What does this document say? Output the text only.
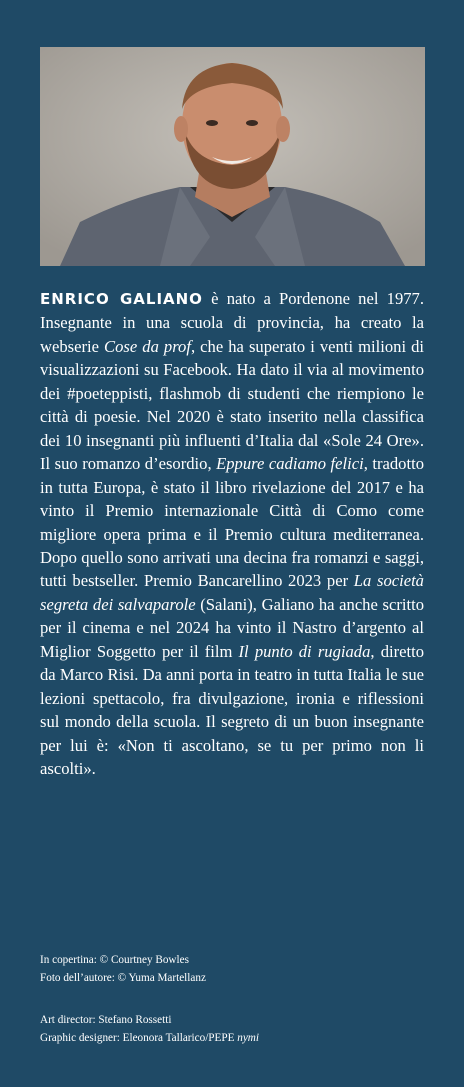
ENRICO GALIANO è nato a Pordenone nel 1977. Insegnante in una scuola di provincia, ha creato la webserie Cose da prof, che ha superato i venti milioni di visualizzazioni su Facebook. Ha dato il via al movimento dei #poeteppisti, flashmob di studenti che riempiono le città di poesie. Nel 2020 è stato inserito nella classifica dei 10 insegnanti più influenti d’Italia dal «Sole 24 Ore». Il suo romanzo d’esordio, Eppure cadiamo felici, tradotto in tutta Europa, è stato il libro rivelazione del 2017 e ha vinto il Premio internazionale Città di Como come migliore opera prima e il Premio cultura mediterranea. Dopo quello sono arrivati una decina fra romanzi e saggi, tutti bestseller. Premio Bancarellino 2023 per La società segreta dei salvaparole (Salani), Galiano ha anche scritto per il cinema e nel 2024 ha vinto il Nastro d’argento al Miglior Soggetto per il film Il punto di rugiada, diretto da Marco Risi. Da anni porta in teatro in tutta Italia le sue lezioni spettacolo, fra divulgazione, ironia e riflessioni sul mondo della scuola. Il segreto di un buon insegnante per lui è: «Non ti ascoltano, se tu per primo non li ascolti».

In copertina: © Courtney Bowles
Foto dell’autore: © Yuma Martellanz
Art director: Stefano Rossetti
Graphic designer: Eleonora Tallarico/PEPE nymi
